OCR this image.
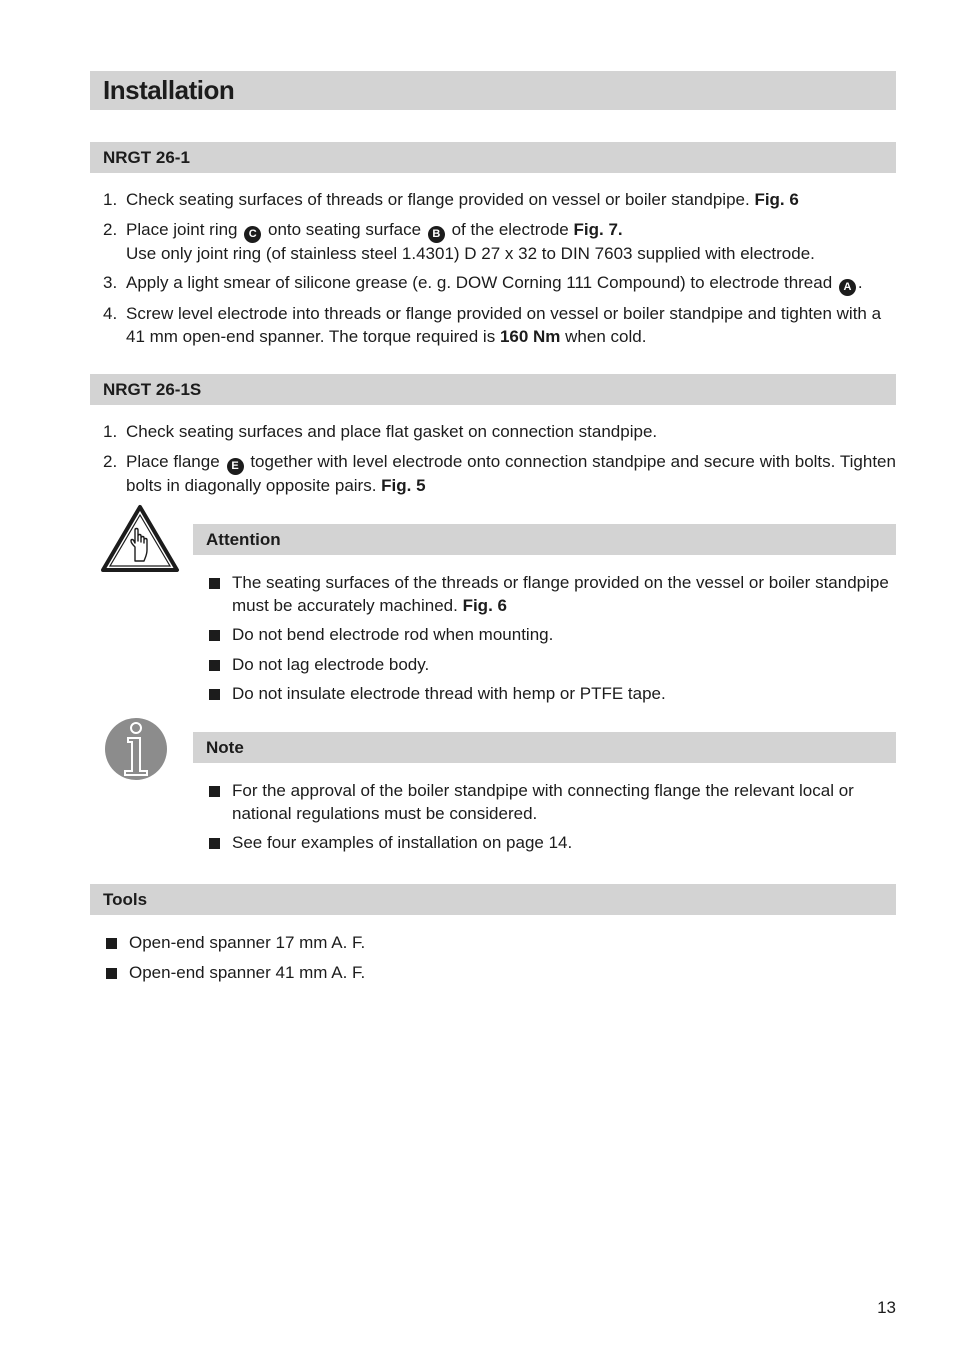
Installation
NRGT 26-1
1. Check seating surfaces of threads or flange provided on vessel or boiler standpipe. Fig. 6
2. Place joint ring C onto seating surface B of the electrode Fig. 7.
Use only joint ring (of stainless steel 1.4301) D 27 x 32 to DIN 7603 supplied with electrode.
3. Apply a light smear of silicone grease (e. g. DOW Corning 111 Compound) to electrode thread A .
4. Screw level electrode into threads or flange provided on vessel or boiler standpipe and tighten with a 41 mm open-end spanner. The torque required is 160 Nm when cold.
NRGT 26-1S
1. Check seating surfaces and place flat gasket on connection standpipe.
2. Place flange E together with level electrode onto connection standpipe and secure with bolts. Tighten bolts in diagonally opposite pairs. Fig. 5
Attention
The seating surfaces of the threads or flange provided on the vessel or boiler standpipe must be accurately machined. Fig. 6
Do not bend electrode rod when mounting.
Do not lag electrode body.
Do not insulate electrode thread with hemp or PTFE tape.
Note
For the approval of the boiler standpipe with connecting flange the relevant local or national regulations must be considered.
See four examples of installation on page 14.
Tools
Open-end spanner 17 mm A. F.
Open-end spanner 41 mm A. F.
13
